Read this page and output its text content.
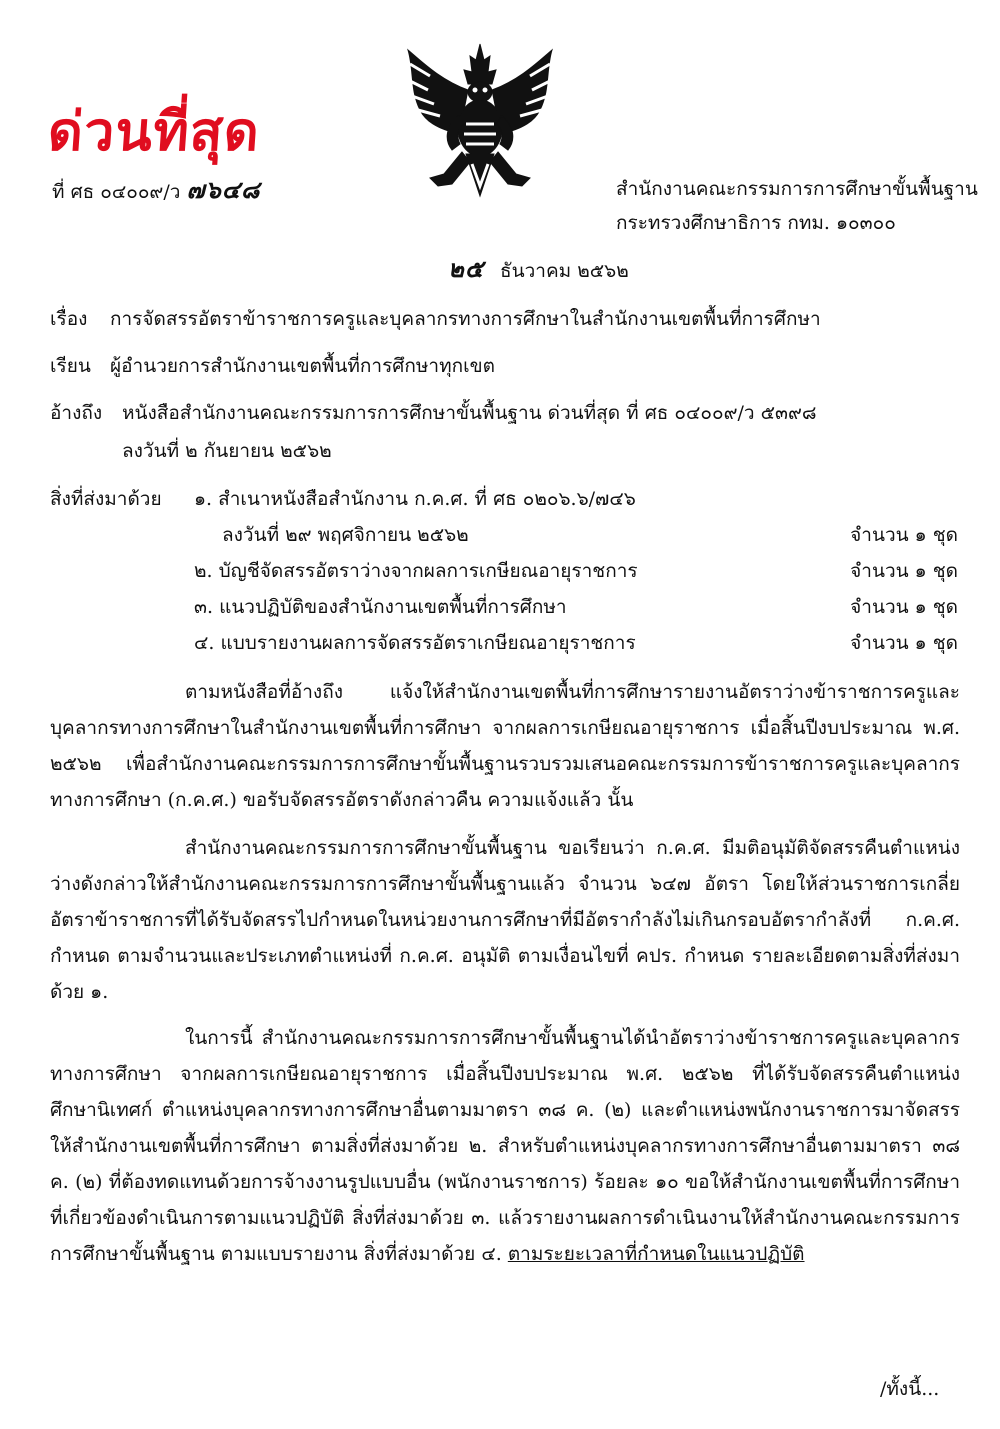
ด่วนที่สุด
ที่ ศธ ๐๔๐๐๙/ว ๗๖๔๘	สำนักงานคณะกรรมการการศึกษาขั้นพื้นฐาน
กระทรวงศึกษาธิการ กทม. ๑๐๓๐๐
๒๕ ธันวาคม ๒๕๖๒
เรื่อง การจัดสรรอัตราข้าราชการครูและบุคลากรทางการศึกษาในสำนักงานเขตพื้นที่การศึกษา
เรียน ผู้อำนวยการสำนักงานเขตพื้นที่การศึกษาทุกเขต
อ้างถึง หนังสือสำนักงานคณะกรรมการการศึกษาขั้นพื้นฐาน ด่วนที่สุด ที่ ศธ ๐๔๐๐๙/ว ๕๓๙๘
ลงวันที่ ๒ กันยายน ๒๕๖๒
สิ่งที่ส่งมาด้วย ๑. สำเนาหนังสือสำนักงาน ก.ค.ศ. ที่ ศธ ๐๒๐๖.๖/๗๔๖
ลงวันที่ ๒๙ พฤศจิกายน ๒๕๖๒	จำนวน ๑ ชุด
๒. บัญชีจัดสรรอัตราว่างจากผลการเกษียณอายุราชการ	จำนวน ๑ ชุด
๓. แนวปฏิบัติของสำนักงานเขตพื้นที่การศึกษา	จำนวน ๑ ชุด
๔. แบบรายงานผลการจัดสรรอัตราเกษียณอายุราชการ	จำนวน ๑ ชุด
ตามหนังสือที่อ้างถึง แจ้งให้สำนักงานเขตพื้นที่การศึกษารายงานอัตราว่างข้าราชการครูและบุคลากรทางการศึกษาในสำนักงานเขตพื้นที่การศึกษา จากผลการเกษียณอายุราชการ เมื่อสิ้นปีงบประมาณ พ.ศ. ๒๕๖๒ เพื่อสำนักงานคณะกรรมการการศึกษาขั้นพื้นฐานรวบรวมเสนอคณะกรรมการข้าราชการครูและบุคลากรทางการศึกษา (ก.ค.ศ.) ขอรับจัดสรรอัตราดังกล่าวคืน ความแจ้งแล้ว นั้น
สำนักงานคณะกรรมการการศึกษาขั้นพื้นฐาน ขอเรียนว่า ก.ค.ศ. มีมติอนุมัติจัดสรรคืนตำแหน่งว่างดังกล่าวให้สำนักงานคณะกรรมการการศึกษาขั้นพื้นฐานแล้ว จำนวน ๖๔๗ อัตรา โดยให้ส่วนราชการเกลี่ยอัตราข้าราชการที่ได้รับจัดสรรไปกำหนดในหน่วยงานการศึกษาที่มีอัตรากำลังไม่เกินกรอบอัตรากำลังที่ ก.ค.ศ. กำหนด ตามจำนวนและประเภทตำแหน่งที่ ก.ค.ศ. อนุมัติ ตามเงื่อนไขที่ คปร. กำหนด รายละเอียดตามสิ่งที่ส่งมาด้วย ๑.
ในการนี้ สำนักงานคณะกรรมการการศึกษาขั้นพื้นฐานได้นำอัตราว่างข้าราชการครูและบุคลากรทางการศึกษา จากผลการเกษียณอายุราชการ เมื่อสิ้นปีงบประมาณ พ.ศ. ๒๕๖๒ ที่ได้รับจัดสรรคืนตำแหน่งศึกษานิเทศก์ ตำแหน่งบุคลากรทางการศึกษาอื่นตามมาตรา ๓๘ ค. (๒) และตำแหน่งพนักงานราชการมาจัดสรรให้สำนักงานเขตพื้นที่การศึกษา ตามสิ่งที่ส่งมาด้วย ๒. สำหรับตำแหน่งบุคลากรทางการศึกษาอื่นตามมาตรา ๓๘ ค. (๒) ที่ต้องทดแทนด้วยการจ้างงานรูปแบบอื่น (พนักงานราชการ) ร้อยละ ๑๐ ขอให้สำนักงานเขตพื้นที่การศึกษาที่เกี่ยวข้องดำเนินการตามแนวปฏิบัติ สิ่งที่ส่งมาด้วย ๓. แล้วรายงานผลการดำเนินงานให้สำนักงานคณะกรรมการการศึกษาขั้นพื้นฐาน ตามแบบรายงาน สิ่งที่ส่งมาด้วย ๔. ตามระยะเวลาที่กำหนดในแนวปฏิบัติ
/ทั้งนี้...
